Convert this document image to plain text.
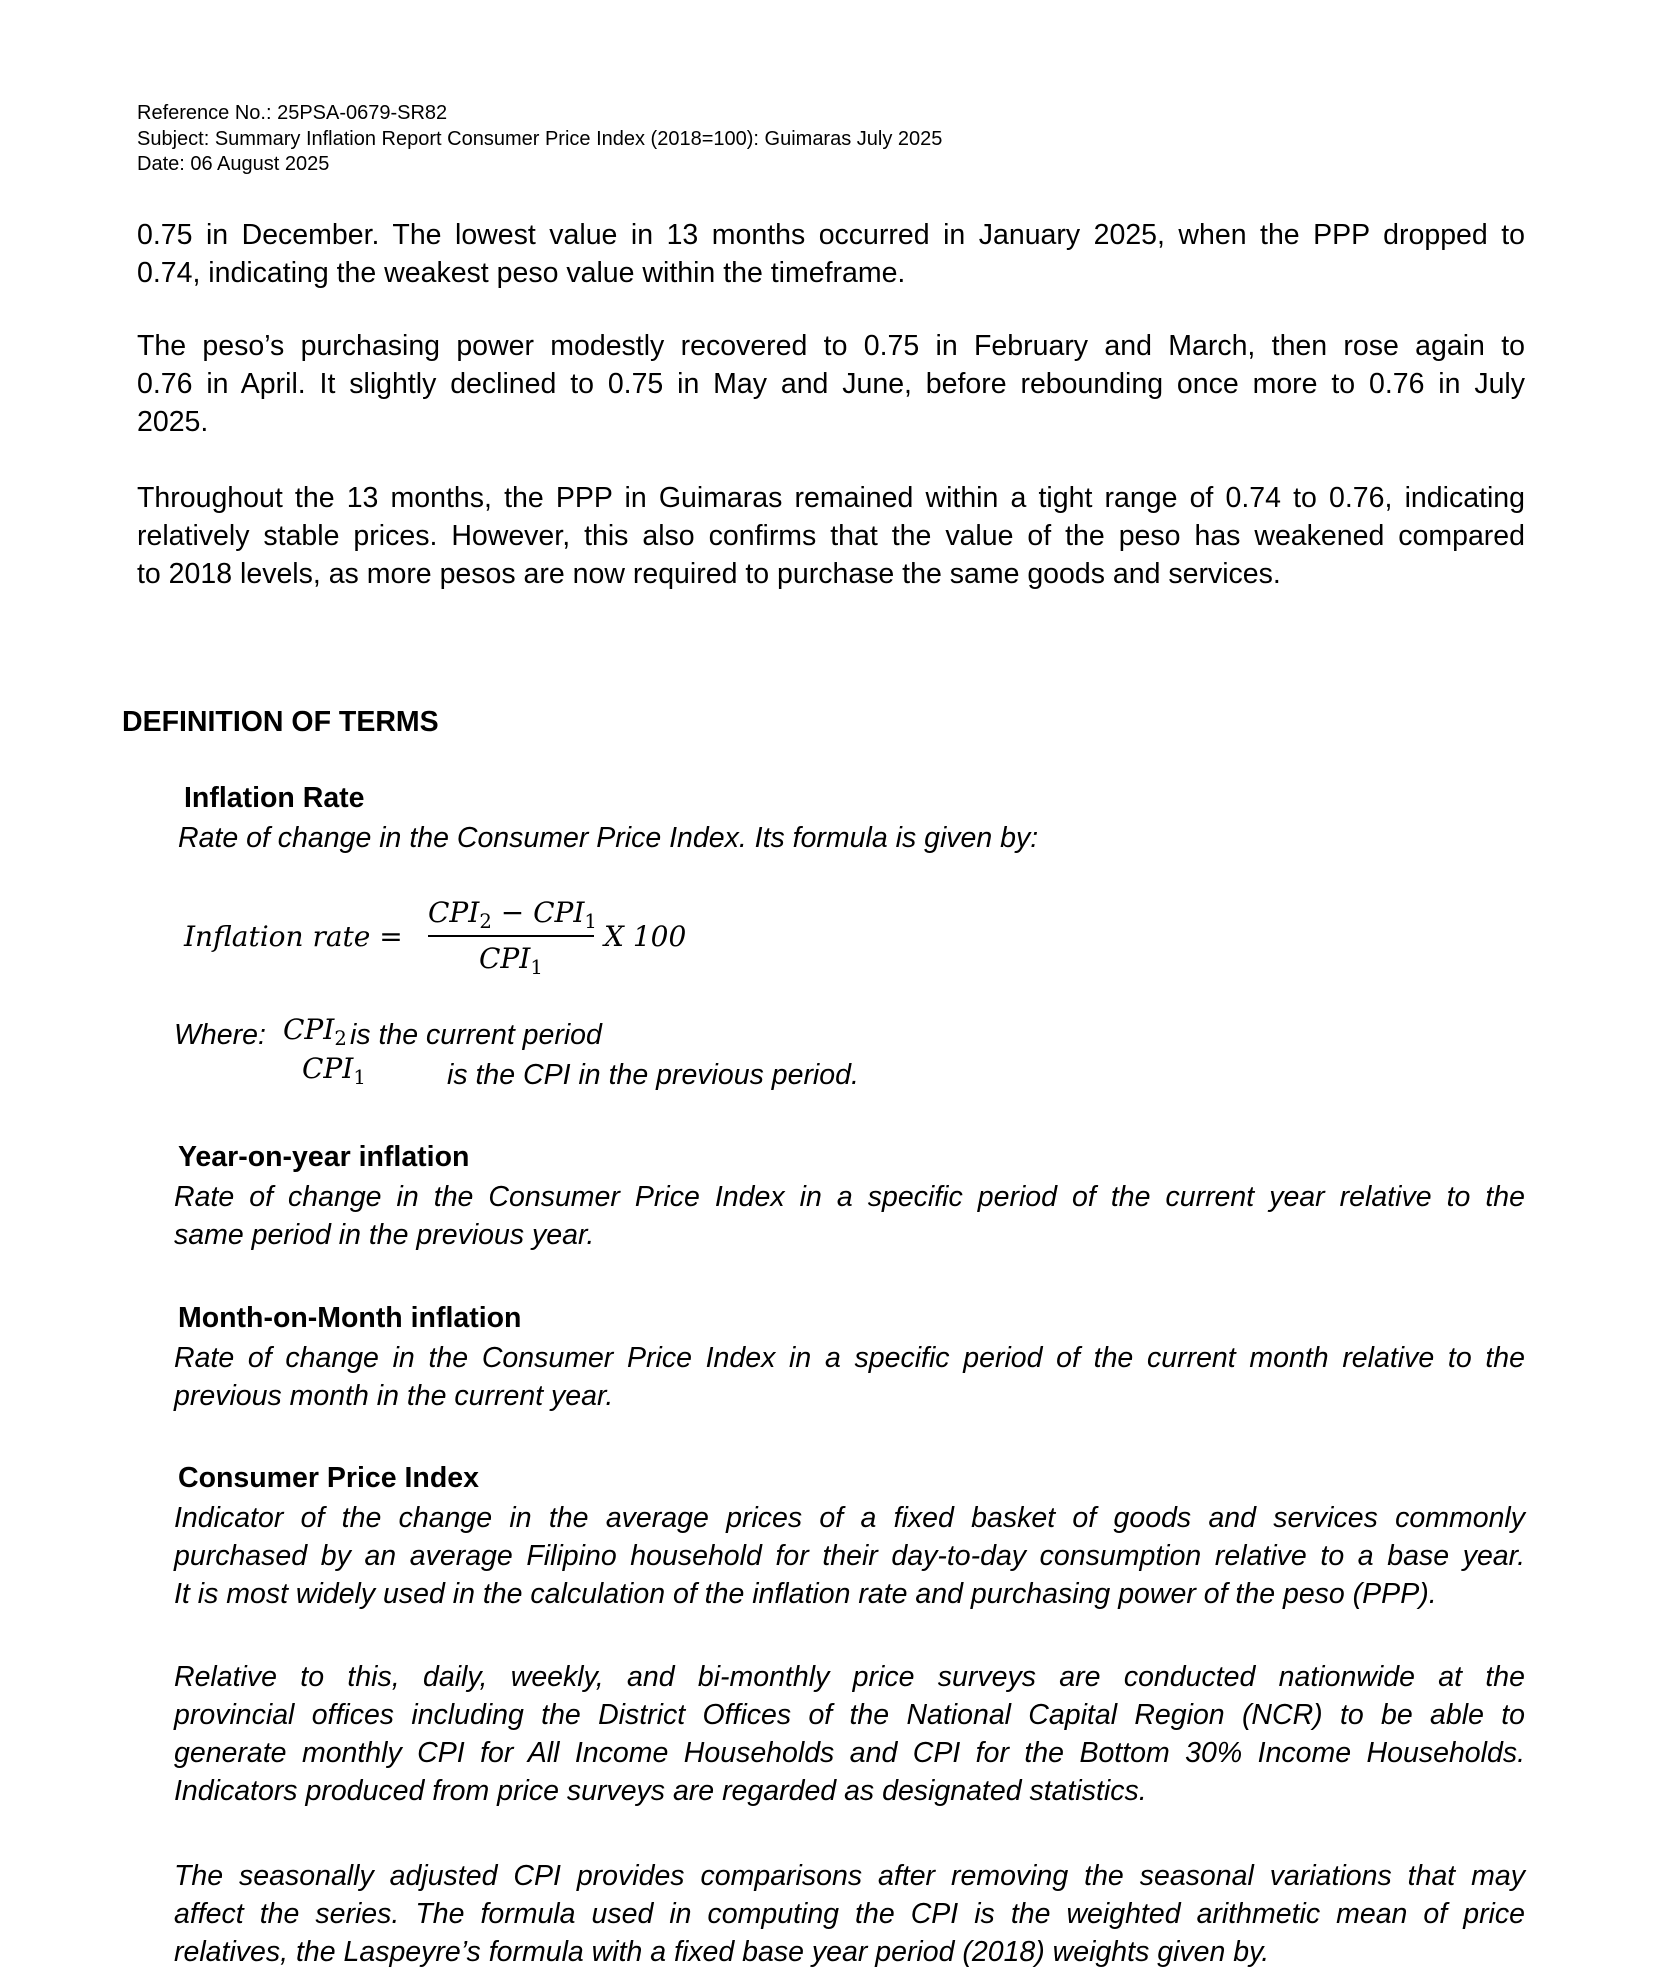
Reference No.: 25PSA-0679-SR82
Subject: Summary Inflation Report Consumer Price Index (2018=100): Guimaras July 2025
Date: 06 August 2025
0.75 in December. The lowest value in 13 months occurred in January 2025, when the PPP dropped to
0.74, indicating the weakest peso value within the timeframe.
The peso’s purchasing power modestly recovered to 0.75 in February and March, then rose again to
0.76 in April. It slightly declined to 0.75 in May and June, before rebounding once more to 0.76 in July
2025.
Throughout the 13 months, the PPP in Guimaras remained within a tight range of 0.74 to 0.76, indicating
relatively stable prices. However, this also confirms that the value of the peso has weakened compared
to 2018 levels, as more pesos are now required to purchase the same goods and services.
DEFINITION OF TERMS
Inflation Rate
Rate of change in the Consumer Price Index. Its formula is given by:
Inflation rate =
$CPI_2 - CPI_1$
$CPI_1$
X 100
Where: $CPI_2$ is the current period
$CPI_1$	is the CPI in the previous period.
Year-on-year inflation
Rate of change in the Consumer Price Index in a specific period of the current year relative to the
same period in the previous year.
Month-on-Month inflation
Rate of change in the Consumer Price Index in a specific period of the current month relative to the
previous month in the current year.
Consumer Price Index
Indicator of the change in the average prices of a fixed basket of goods and services commonly
purchased by an average Filipino household for their day-to-day consumption relative to a base year.
It is most widely used in the calculation of the inflation rate and purchasing power of the peso (PPP).
Relative to this, daily, weekly, and bi-monthly price surveys are conducted nationwide at the
provincial offices including the District Offices of the National Capital Region (NCR) to be able to
generate monthly CPI for All Income Households and CPI for the Bottom 30% Income Households.
Indicators produced from price surveys are regarded as designated statistics.
The seasonally adjusted CPI provides comparisons after removing the seasonal variations that may
affect the series. The formula used in computing the CPI is the weighted arithmetic mean of price
relatives, the Laspeyre’s formula with a fixed base year period (2018) weights given by.
